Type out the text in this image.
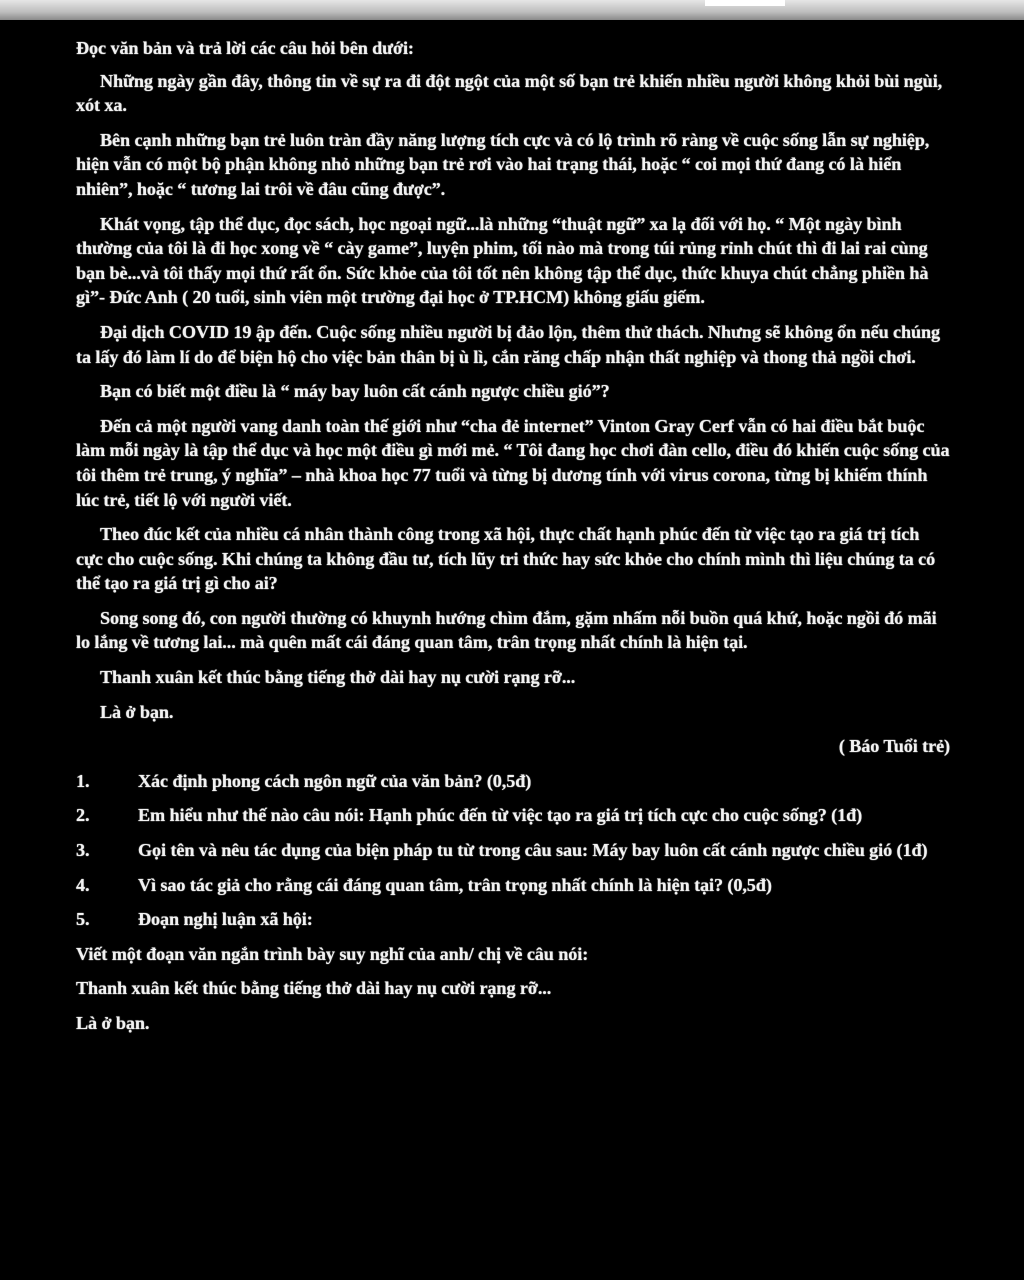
Đọc văn bản và trả lời các câu hỏi bên dưới:

Những ngày gần đây, thông tin về sự ra đi đột ngột của một số bạn trẻ khiến nhiều người không khỏi bùi ngùi, xót xa.

Bên cạnh những bạn trẻ luôn tràn đầy năng lượng tích cực và có lộ trình rõ ràng về cuộc sống lẫn sự nghiệp, hiện vẫn có một bộ phận không nhỏ những bạn trẻ rơi vào hai trạng thái, hoặc “ coi mọi thứ đang có là hiển nhiên”, hoặc “ tương lai trôi về đâu cũng được”.

Khát vọng, tập thể dục, đọc sách, học ngoại ngữ...là những “thuật ngữ” xa lạ đối với họ. “ Một ngày bình thường của tôi là đi học xong về “ cày game”, luyện phim, tối nào mà trong túi rủng rỉnh chút thì đi lai rai cùng bạn bè...và tôi thấy mọi thứ rất ổn. Sức khỏe của tôi tốt nên không tập thể dục, thức khuya chút chẳng phiền hà gì”- Đức Anh ( 20 tuổi, sinh viên một trường đại học ở TP.HCM) không giấu giếm.

Đại dịch COVID 19 ập đến. Cuộc sống nhiều người bị đảo lộn, thêm thử thách. Nhưng sẽ không ổn nếu chúng ta lấy đó làm lí do để biện hộ cho việc bản thân bị ù lì, cắn răng chấp nhận thất nghiệp và thong thả ngồi chơi.

Bạn có biết một điều là “ máy bay luôn cất cánh ngược chiều gió”?

Đến cả một người vang danh toàn thế giới như “cha đẻ internet” Vinton Gray Cerf vẫn có hai điều bắt buộc làm mỗi ngày là tập thể dục và học một điều gì mới mẻ. “ Tôi đang học chơi đàn cello, điều đó khiến cuộc sống của tôi thêm trẻ trung, ý nghĩa” – nhà khoa học 77 tuổi và từng bị dương tính với virus corona, từng bị khiếm thính lúc trẻ, tiết lộ với người viết.

Theo đúc kết của nhiều cá nhân thành công trong xã hội, thực chất hạnh phúc đến từ việc tạo ra giá trị tích cực cho cuộc sống. Khi chúng ta không đầu tư, tích lũy tri thức hay sức khỏe cho chính mình thì liệu chúng ta có thể tạo ra giá trị gì cho ai?

Song song đó, con người thường có khuynh hướng chìm đắm, gặm nhấm nỗi buồn quá khứ, hoặc ngồi đó mãi lo lắng về tương lai... mà quên mất cái đáng quan tâm, trân trọng nhất chính là hiện tại.

Thanh xuân kết thúc bằng tiếng thở dài hay nụ cười rạng rỡ...

Là ở bạn.

( Báo Tuổi trẻ)
1.	Xác định phong cách ngôn ngữ của văn bản? (0,5đ)
2.	Em hiểu như thế nào câu nói: Hạnh phúc đến từ việc tạo ra giá trị tích cực cho cuộc sống? (1đ)
3.	Gọi tên và nêu tác dụng của biện pháp tu từ trong câu sau: Máy bay luôn cất cánh ngược chiều gió (1đ)
4.	Vì sao tác giả cho rằng cái đáng quan tâm, trân trọng nhất chính là hiện tại? (0,5đ)
5.	Đoạn nghị luận xã hội:
Viết một đoạn văn ngắn trình bày suy nghĩ của anh/ chị về câu nói:
Thanh xuân kết thúc bằng tiếng thở dài hay nụ cười rạng rỡ...
Là ở bạn.
